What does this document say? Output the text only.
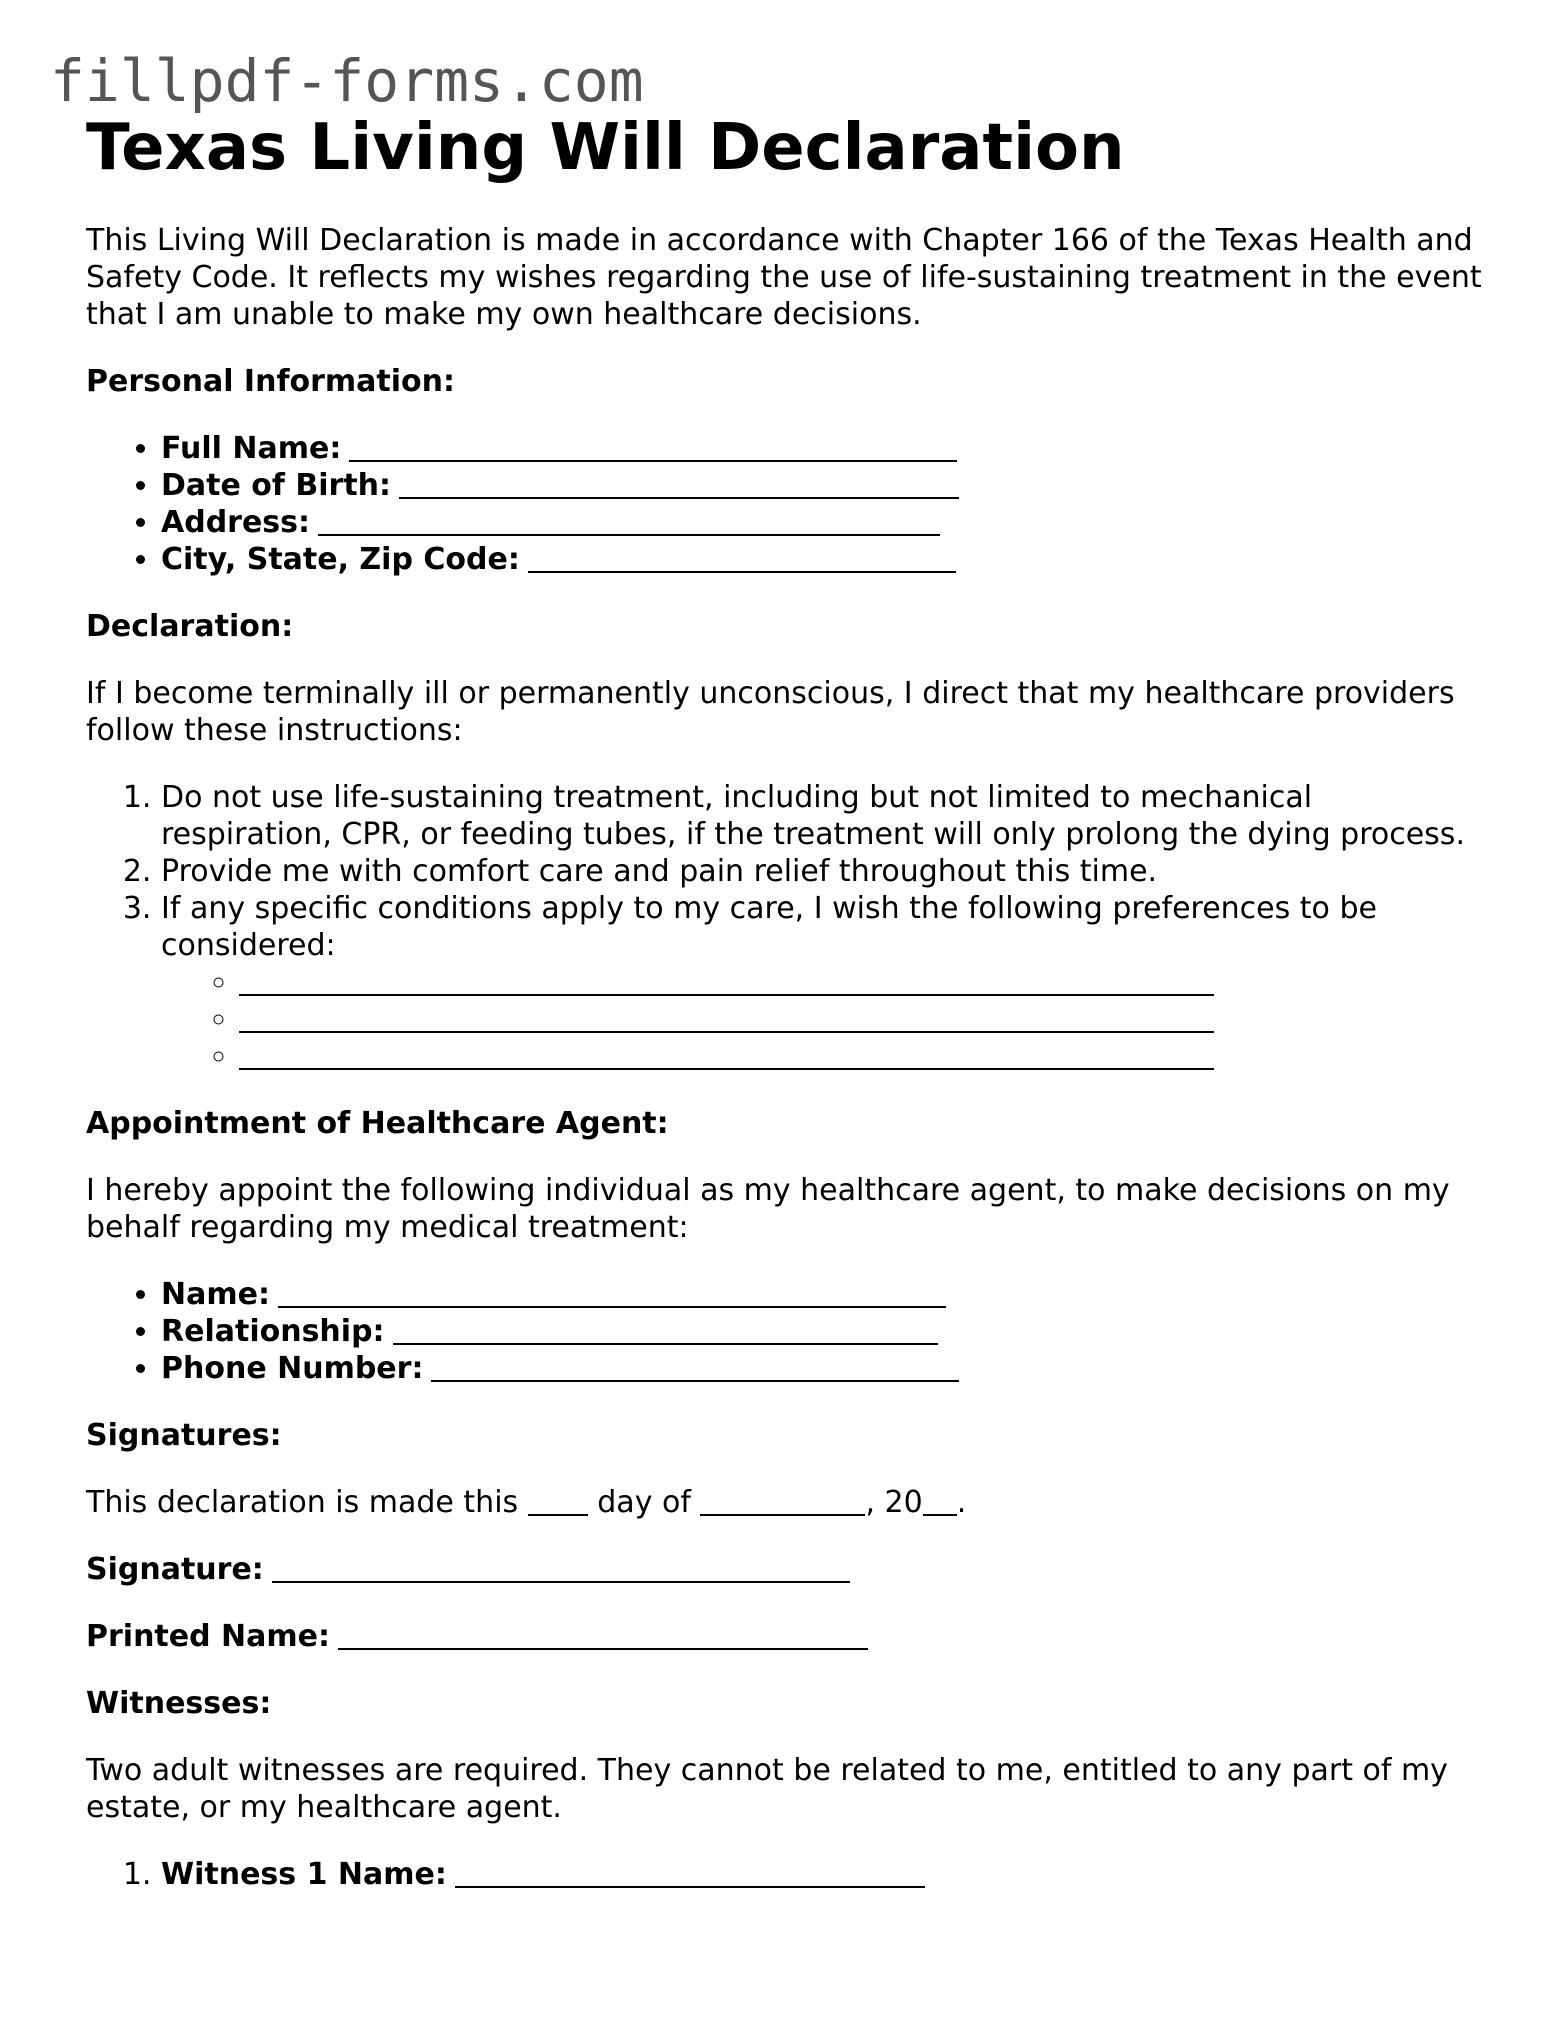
fillpdf-forms.com
Texas Living Will Declaration

This Living Will Declaration is made in accordance with Chapter 166 of the Texas Health and Safety Code. It reflects my wishes regarding the use of life-sustaining treatment in the event that I am unable to make my own healthcare decisions.

Personal Information:
• Full Name:
• Date of Birth:
• Address:
• City, State, Zip Code:
Declaration:

If I become terminally ill or permanently unconscious, I direct that my healthcare providers follow these instructions:

1. Do not use life-sustaining treatment, including but not limited to mechanical respiration, CPR, or feeding tubes, if the treatment will only prolong the dying process.
2. Provide me with comfort care and pain relief throughout this time.
3. If any specific conditions apply to my care, I wish the following preferences to be considered:
◦
◦
◦
Appointment of Healthcare Agent:

I hereby appoint the following individual as my healthcare agent, to make decisions on my behalf regarding my medical treatment:

• Name:
• Relationship:
• Phone Number:
Signatures:

This declaration is made this	day of	, 20 .

Signature:

Printed Name:

Witnesses:

Two adult witnesses are required. They cannot be related to me, entitled to any part of my estate, or my healthcare agent.

1. Witness 1 Name:
